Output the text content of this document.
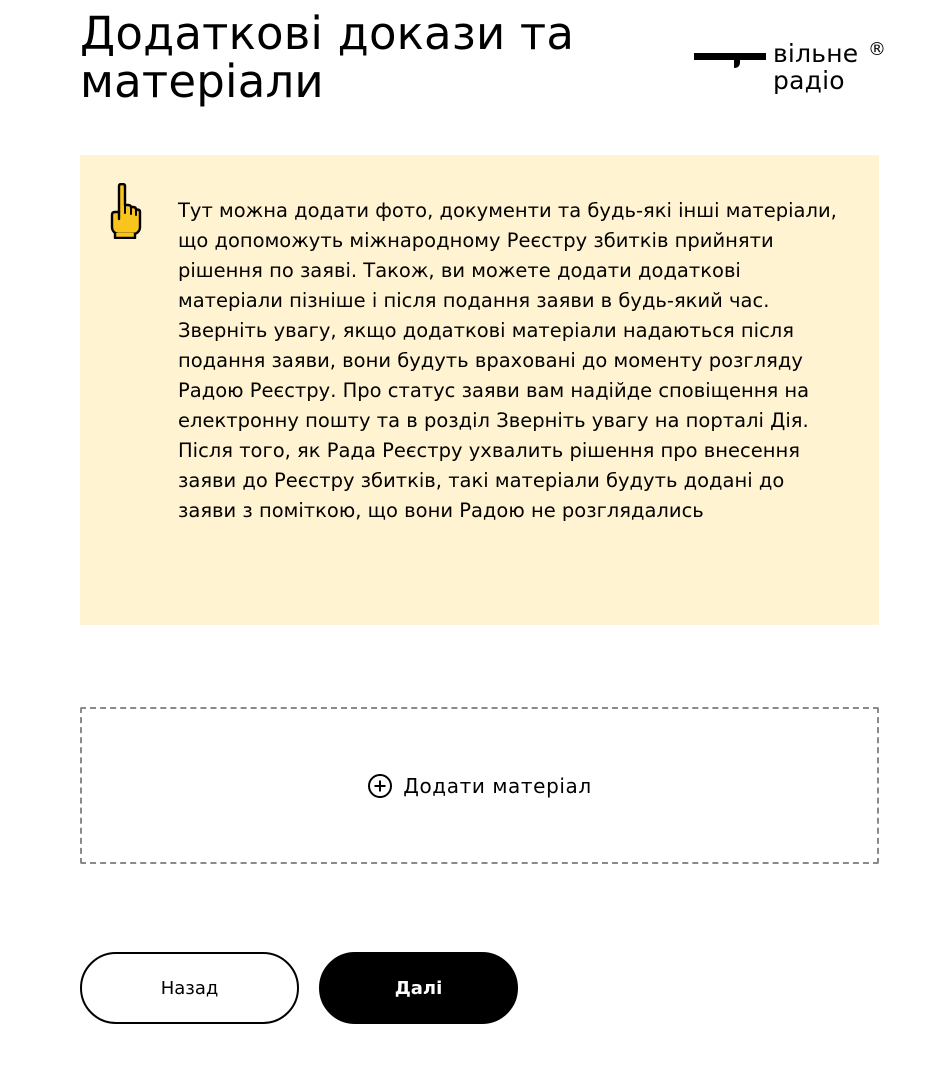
Додаткові докази та матеріали
вільне
радіо
®

Тут можна додати фото, документи та будь-які інші матеріали, що допоможуть міжнародному Реєстру збитків прийняти рішення по заяві. Також, ви можете додати додаткові матеріали пізніше і після подання заяви в будь-який час.

Зверніть увагу, якщо додаткові матеріали надаються після подання заяви, вони будуть враховані до моменту розгляду Радою Реєстру. Про статус заяви вам надійде сповіщення на електронну пошту та в розділ Зверніть увагу на порталі Дія. Після того, як Рада Реєстру ухвалить рішення про внесення заяви до Реєстру збитків, такі матеріали будуть додані до заяви з поміткою, що вони Радою не розглядались

Додати матеріал
Назад	Далі
